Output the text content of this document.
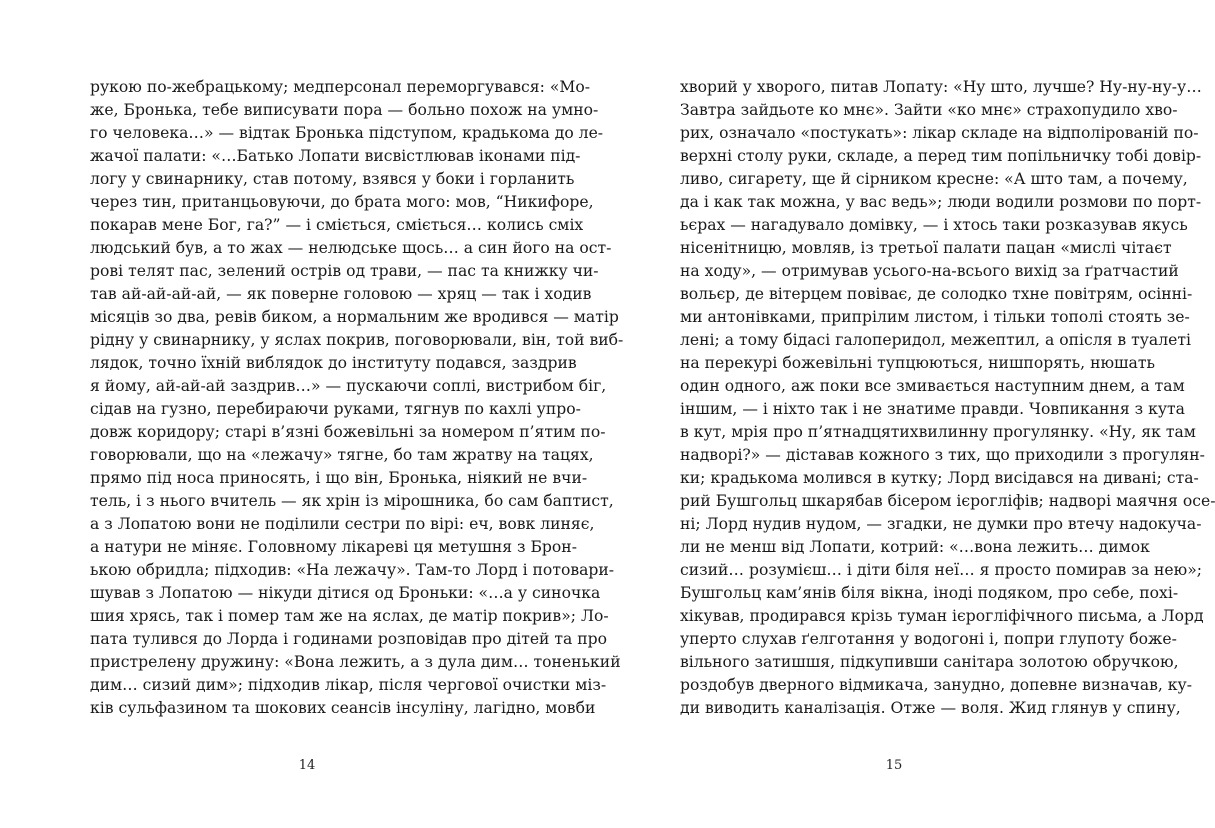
рукою по-жебрацькому; медперсонал переморгувався: «Мо-
же, Бронька, тебе виписувати пора — больно похож на умно-
го человека…» — відтак Бронька підступом, крадькома до ле-
жачої палати: «…Батько Лопати висвістлював іконами під-
логу у свинарнику, став потому, взявся у боки і горланить
через тин, пританцьовуючи, до брата мого: мов, “Никифоре,
покарав мене Бог, га?” — і сміється, сміється… колись сміх
людський був, а то жах — нелюдське щось… а син його на ост-
рові телят пас, зелений острів од трави, — пас та книжку чи-
тав ай-ай-ай-ай, — як поверне головою — хряц — так і ходив
місяців зо два, ревів биком, а нормальним же вродився — матір
рідну у свинарнику, у яслах покрив, поговорювали, він, той виб-
лядок, точно їхній виблядок до інституту подався, заздрив
я йому, ай-ай-ай заздрив…» — пускаючи соплі, вистрибом біг,
сідав на гузно, перебираючи руками, тягнув по кахлі упро-
довж коридору; старі в’язні божевільні за номером п’ятим по-
говорювали, що на «лежачу» тягне, бо там жратву на тацях,
прямо під носа приносять, і що він, Бронька, ніякий не вчи-
тель, і з нього вчитель — як хрін із мірошника, бо сам баптист,
а з Лопатою вони не поділили сестри по вірі: еч, вовк линяє,
а натури не міняє. Головному лікареві ця метушня з Брон-
ькою обридла; підходив: «На лежачу». Там-то Лорд і потовари-
шував з Лопатою — нікуди дітися од Броньки: «…а у синочка
шия хрясь, так і помер там же на яслах, де матір покрив»; Ло-
пата тулився до Лорда і годинами розповідав про дітей та про
пристрелену дружину: «Вона лежить, а з дула дим… тоненький
дим… сизий дим»; підходив лікар, після чергової очистки міз-
ків сульфазином та шокових сеансів інсуліну, лагідно, мовби
14
хворий у хворого, питав Лопату: «Ну што, лучше? Ну-ну-ну-у…
Завтра зайдьоте ко мнє». Зайти «ко мнє» страхопудило хво-
рих, означало «постукать»: лікар складе на відполірованій по-
верхні столу руки, складе, а перед тим попільничку тобі довір-
ливо, сигарету, ще й сірником кресне: «А што там, а почему,
да і как так можна, у вас ведь»; люди водили розмови по порт-
ьєрах — нагадувало домівку, — і хтось таки розказував якусь
нісенітницю, мовляв, із третьої палати пацан «мислі чітаєт
на ходу», — отримував усього-на-всього вихід за ґратчастий
вольєр, де вітерцем повіває, де солодко тхне повітрям, осінні-
ми антонівками, припрілим листом, і тільки тополі стоять зе-
лені; а тому бідасі галоперидол, межептил, а опісля в туалеті
на перекурі божевільні тупцюються, нишпорять, нюшать
один одного, аж поки все змивається наступним днем, а там
іншим, — і ніхто так і не знатиме правди. Човпикання з кута
в кут, мрія про п’ятнадцятихвилинну прогулянку. «Ну, як там
надворі?» — діставав кожного з тих, що приходили з прогулян-
ки; крадькома молився в кутку; Лорд висідався на дивані; ста-
рий Бушгольц шкарябав бісером ієрогліфів; надворі маячня осе-
ні; Лорд нудив нудом, — згадки, не думки про втечу надокуча-
ли не менш від Лопати, котрий: «…вона лежить… димок
сизий… розумієш… і діти біля неї… я просто помирав за нею»;
Бушгольц кам’янів біля вікна, іноді подяком, про себе, похі-
хікував, продирався крізь туман ієрогліфічного письма, а Лорд
уперто слухав ґелготання у водогоні і, попри глупоту боже-
вільного затишшя, підкупивши санітара золотою обручкою,
роздобув дверного відмикача, занудно, допевне визначав, ку-
ди виводить каналізація. Отже — воля. Жид глянув у спину,
15
